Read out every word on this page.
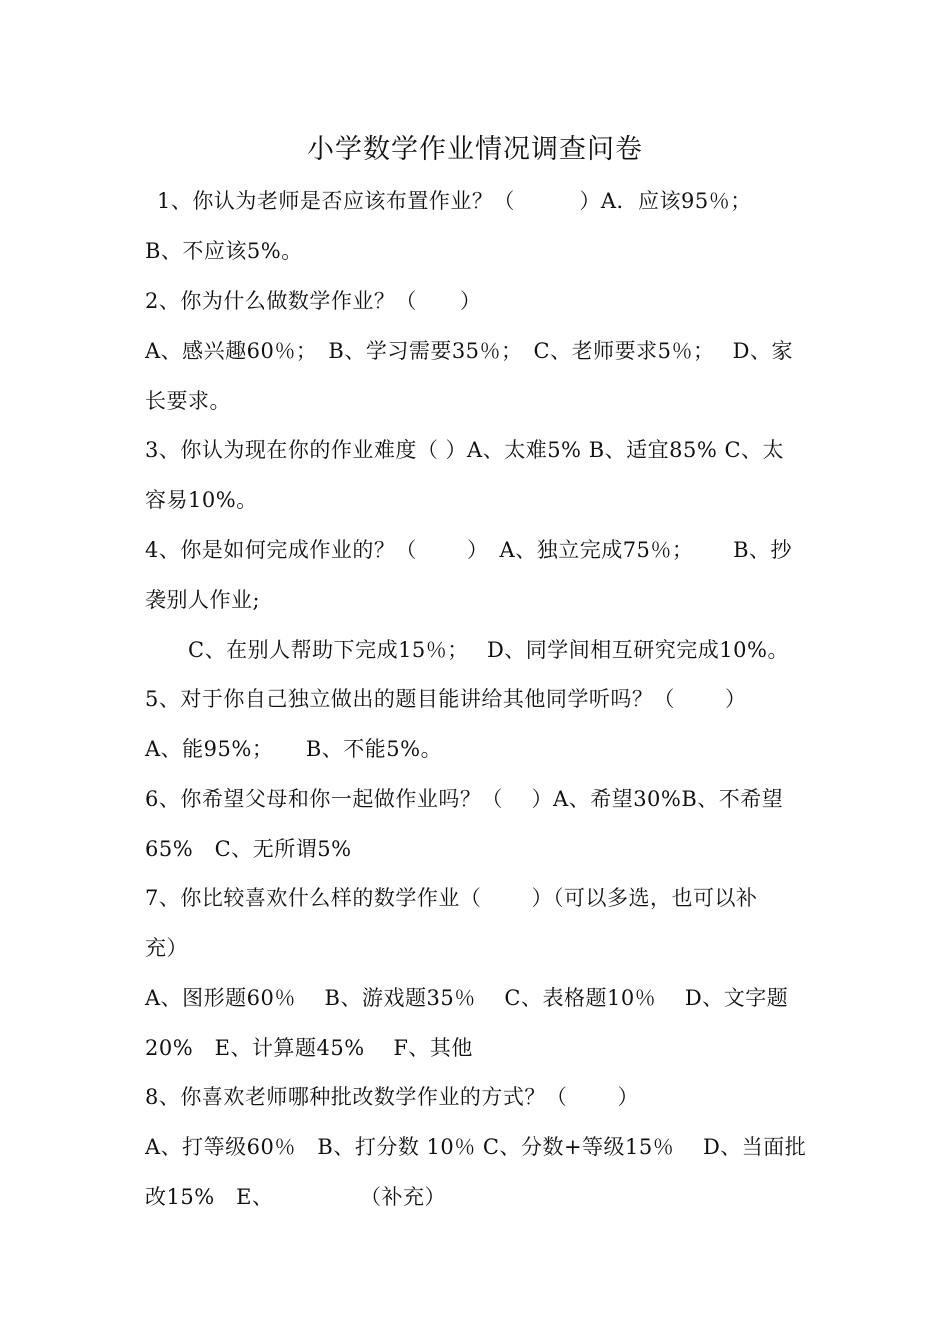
小学数学作业情况调查问卷
1、你认为老师是否应该布置作业？（　　　）A．应该95％；
B、不应该5%。
2、你为什么做数学作业？（　　）
A、感兴趣60％；　B、学习需要35％；　C、老师要求5％；　 D、家
长要求。
3、你认为现在你的作业难度（ ）A、太难5% B、适宜85% C、太
容易10%。
4、你是如何完成作业的？（　　 ）　A、独立完成75％；　　 B、抄
袭别人作业;
C、在别人帮助下完成15％；　 D、同学间相互研究完成10%。
5、对于你自己独立做出的题目能讲给其他同学听吗？（　　 ）
A、能95%；　　B、不能5%。
6、你希望父母和你一起做作业吗？（　 ）A、希望30%B、不希望
65%　C、无所谓5%
7、你比较喜欢什么样的数学作业（　　 ）（可以多选，也可以补
充）
A、图形题60％　 B、游戏题35％　 C、表格题10％　 D、文字题
20%　E、计算题45%　 F、其他
8、你喜欢老师哪种批改数学作业的方式？（　　 ）
A、打等级60％　B、打分数 10％ C、分数+等级15％　 D、当面批
改15%　E、　　　　　（补充）
